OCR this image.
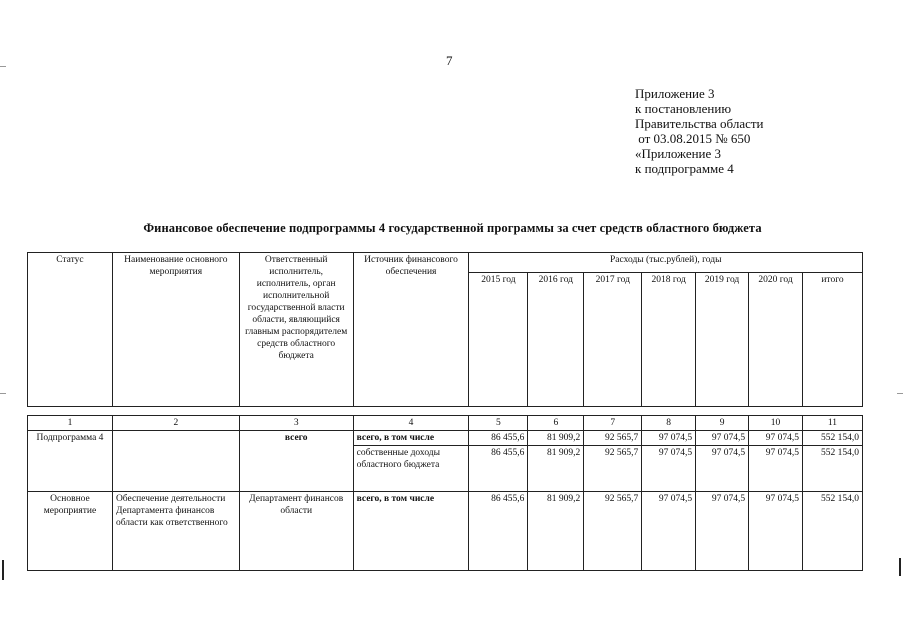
7
Приложение 3
к постановлению
Правительства области
от 03.08.2015 № 650
«Приложение 3
к подпрограмме 4
Финансовое обеспечение подпрограммы 4 государственной программы за счет средств областного бюджета
Статус	Наименование основного мероприятия	Ответственный исполнитель, исполнитель, орган исполнительной государственной власти области, являющийся главным распорядителем средств областного бюджета	Источник финансового обеспечения	Расходы (тыс.рублей), годы						
				2015 год	2016 год	2017 год	2018 год	2019 год	2020 год	итого
1	2	3	4	5	6	7	8	9	10	11
Подпрограмма 4		всего	всего, в том числе	86 455,6	81 909,2	92 565,7	97 074,5	97 074,5	97 074,5	552 154,0
			собственные доходы областного бюджета	86 455,6	81 909,2	92 565,7	97 074,5	97 074,5	97 074,5	552 154,0
Основное мероприятие	Обеспечение деятельности Департамента финансов области как ответственного	Департамент финансов области	всего, в том числе	86 455,6	81 909,2	92 565,7	97 074,5	97 074,5	97 074,5	552 154,0
